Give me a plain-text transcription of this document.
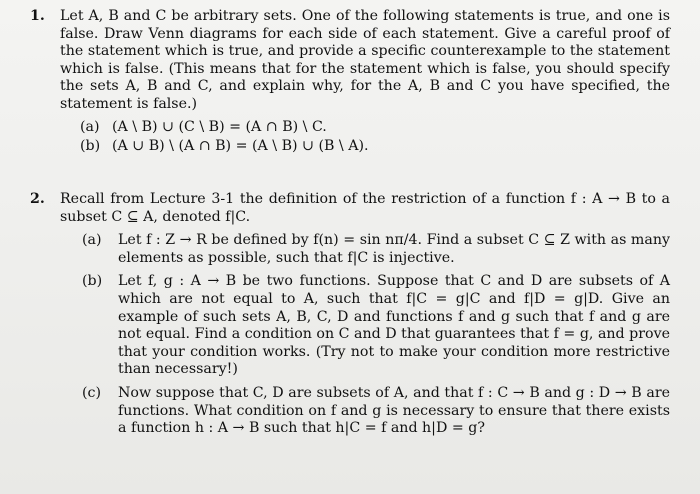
1. Let A, B and C be arbitrary sets. One of the following statements is true, and one is false. Draw Venn diagrams for each side of each statement. Give a careful proof of the statement which is true, and provide a specific counterexample to the statement which is false. (This means that for the statement which is false, you should specify the sets A, B and C, and explain why, for the A, B and C you have specified, the statement is false.)
(a) (A \ B) ∪ (C \ B) = (A ∩ B) \ C.
(b) (A ∪ B) \ (A ∩ B) = (A \ B) ∪ (B \ A).
2. Recall from Lecture 3-1 the definition of the restriction of a function f : A → B to a subset C ⊆ A, denoted f|C.
(a)	Let f : Z → R be defined by f(n) = sin nπ/4. Find a subset C ⊆ Z with as many elements as possible, such that f|C is injective.
(b)	Let f, g : A → B be two functions. Suppose that C and D are subsets of A which are not equal to A, such that f|C = g|C and f|D = g|D. Give an example of such sets A, B, C, D and functions f and g such that f and g are not equal. Find a condition on C and D that guarantees that f = g, and prove that your condition works. (Try not to make your condition more restrictive than necessary!)
(c)	Now suppose that C, D are subsets of A, and that f : C → B and g : D → B are functions. What condition on f and g is necessary to ensure that there exists a function h : A → B such that h|C = f and h|D = g?
